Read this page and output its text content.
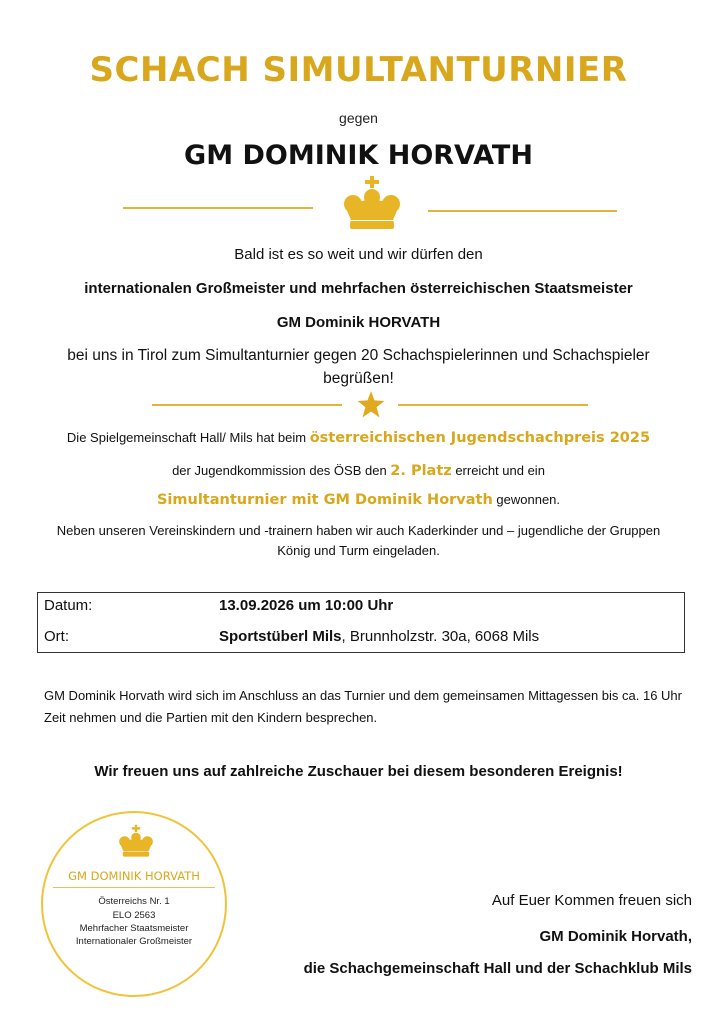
SCHACH SIMULTANTURNIER
gegen
GM DOMINIK HORVATH
Bald ist es so weit und wir dürfen den
internationalen Großmeister und mehrfachen österreichischen Staatsmeister
GM Dominik HORVATH
bei uns in Tirol zum Simultanturnier gegen 20 Schachspielerinnen und Schachspieler begrüßen!
Die Spielgemeinschaft Hall/ Mils hat beim österreichischen Jugendschachpreis 2025
der Jugendkommission des ÖSB den 2. Platz erreicht und ein
Simultanturnier mit GM Dominik Horvath gewonnen.
Neben unseren Vereinskindern und -trainern haben wir auch Kaderkinder und – jugendliche der Gruppen König und Turm eingeladen.
Datum:	13.09.2026 um 10:00 Uhr
Ort:	Sportstüberl Mils, Brunnholzstr. 30a, 6068 Mils
GM Dominik Horvath wird sich im Anschluss an das Turnier und dem gemeinsamen Mittagessen bis ca. 16 Uhr Zeit nehmen und die Partien mit den Kindern besprechen.
Wir freuen uns auf zahlreiche Zuschauer bei diesem besonderen Ereignis!
GM DOMINIK HORVATH
Österreichs Nr. 1
ELO 2563
Mehrfacher Staatsmeister
Internationaler Großmeister
Auf Euer Kommen freuen sich
GM Dominik Horvath,
die Schachgemeinschaft Hall und der Schachklub Mils
